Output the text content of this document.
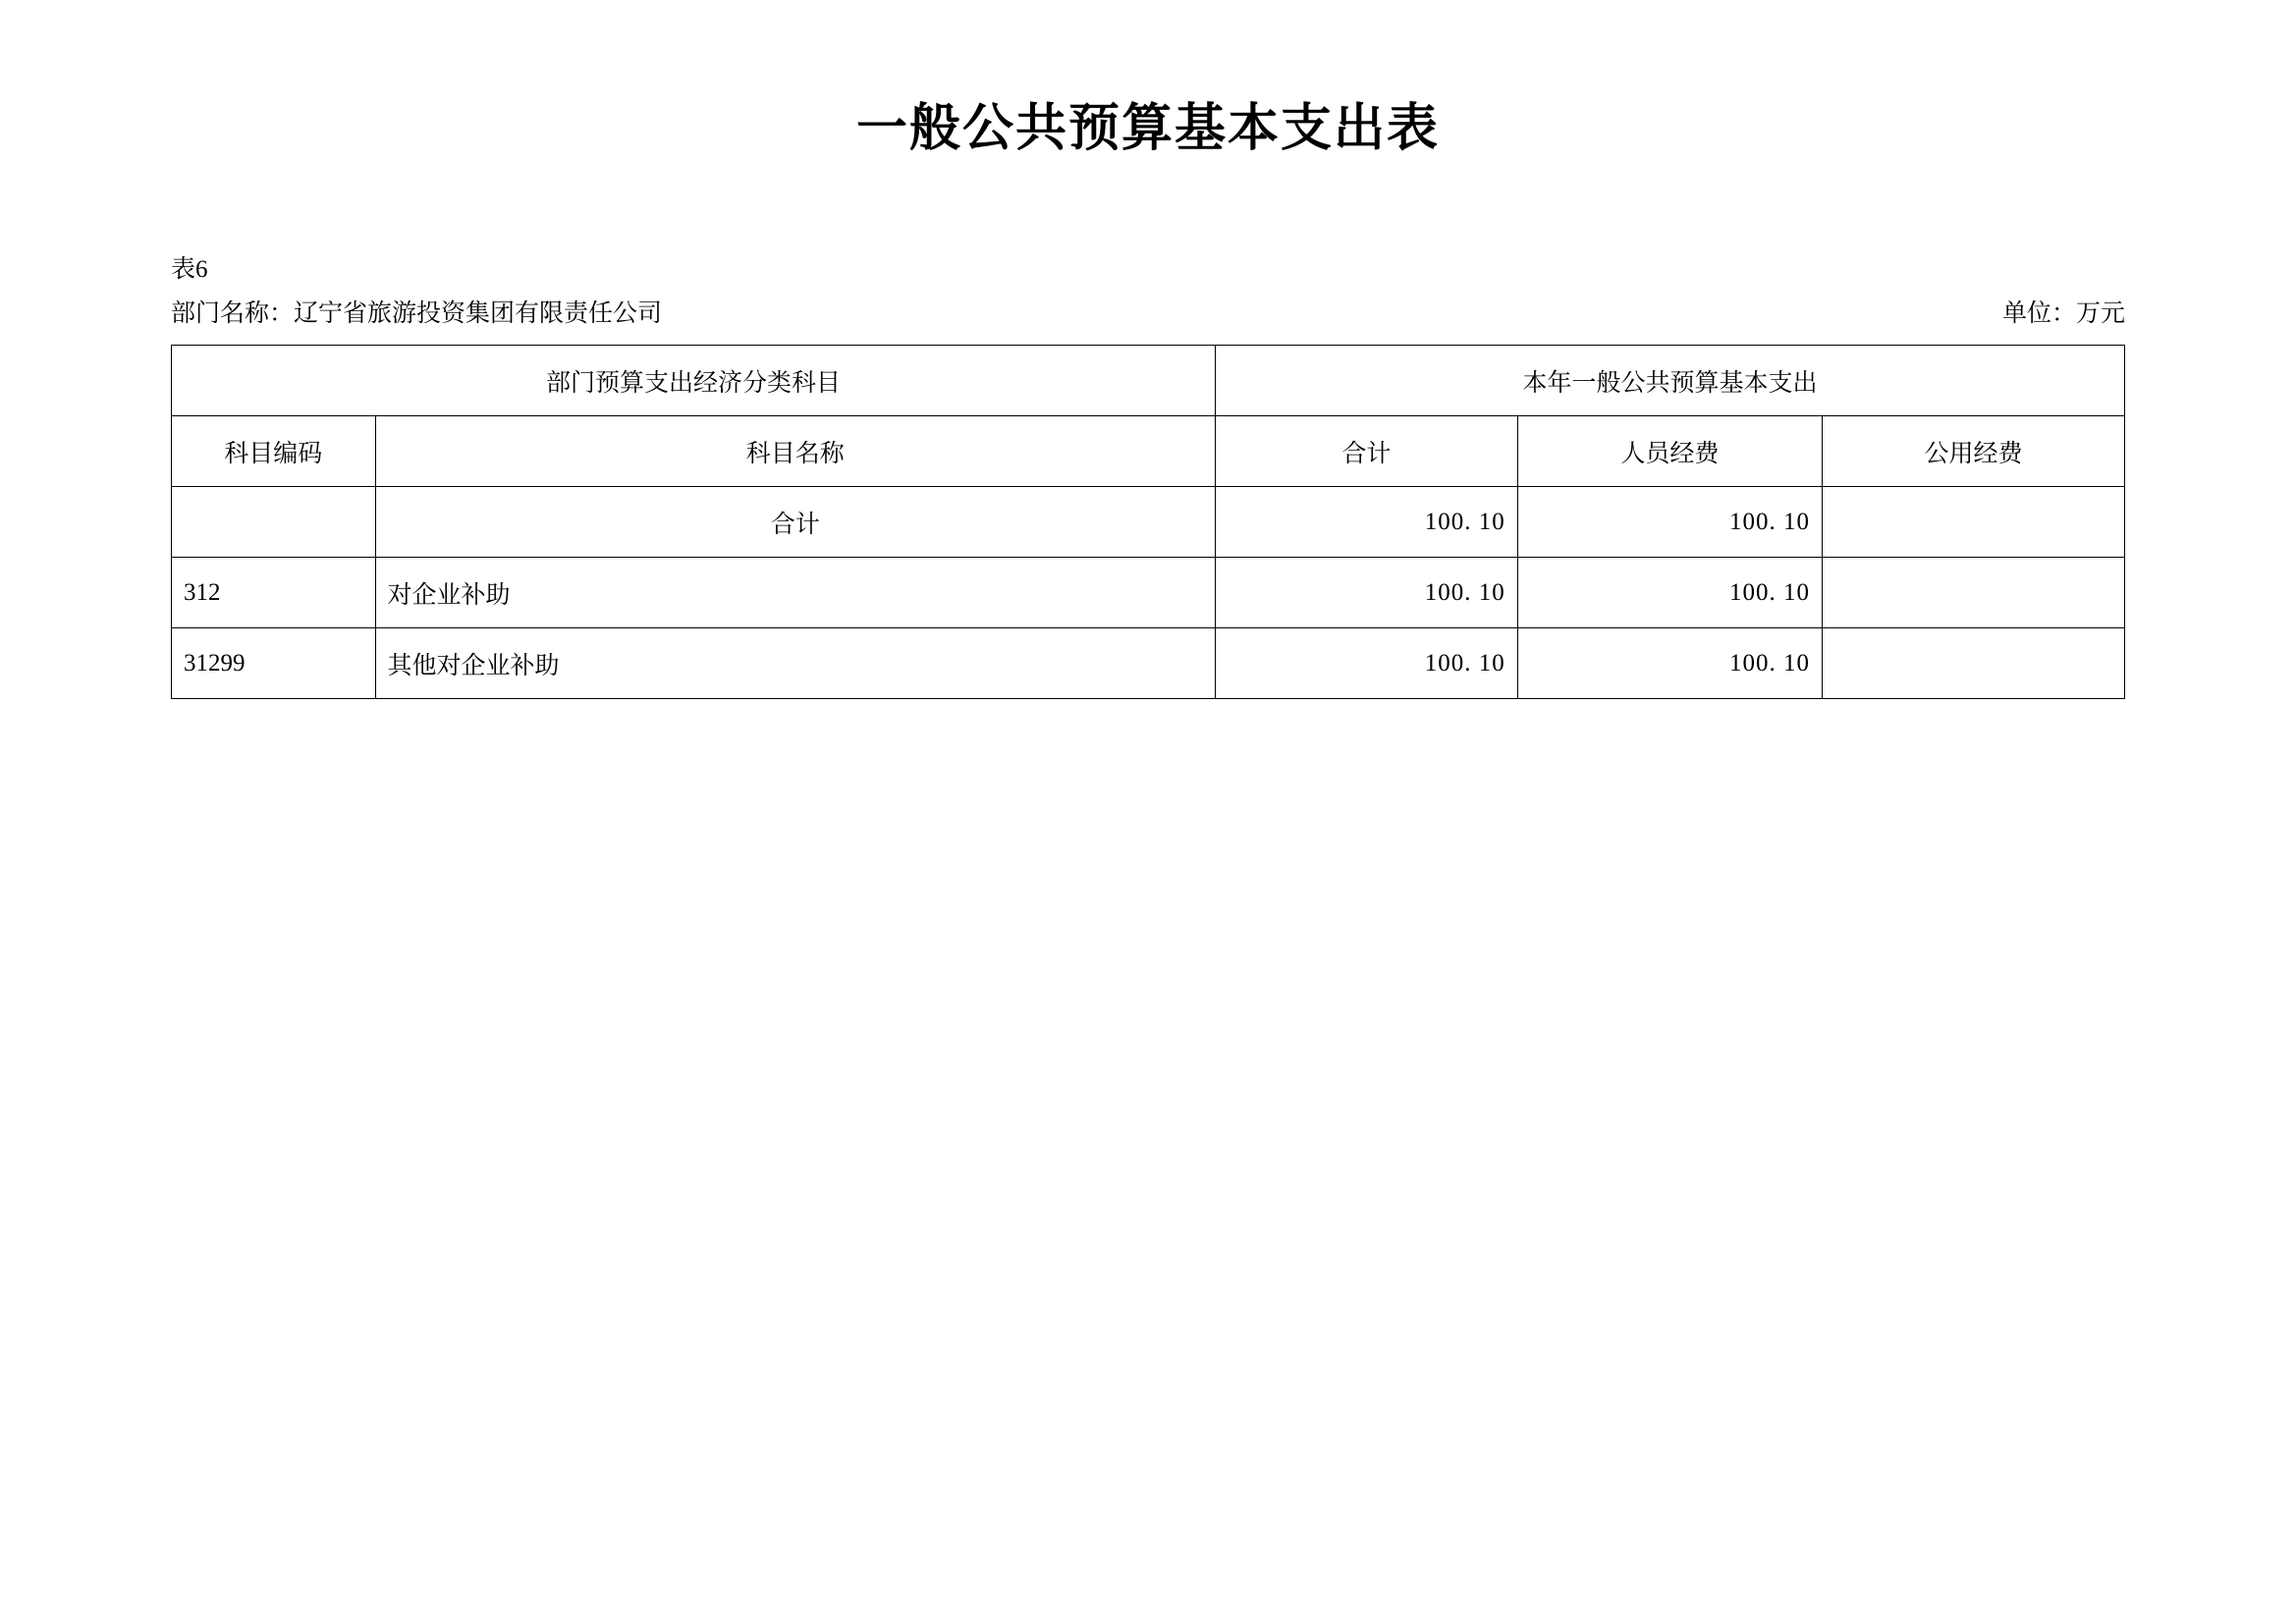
一般公共预算基本支出表
表6
部门名称：辽宁省旅游投资集团有限责任公司	单位：万元
部门预算支出经济分类科目		本年一般公共预算基本支出		
科目编码	科目名称	合计	人员经费	公用经费
	合计	100. 10	100. 10	
312	对企业补助	100. 10	100. 10	
31299	其他对企业补助	100. 10	100. 10	
